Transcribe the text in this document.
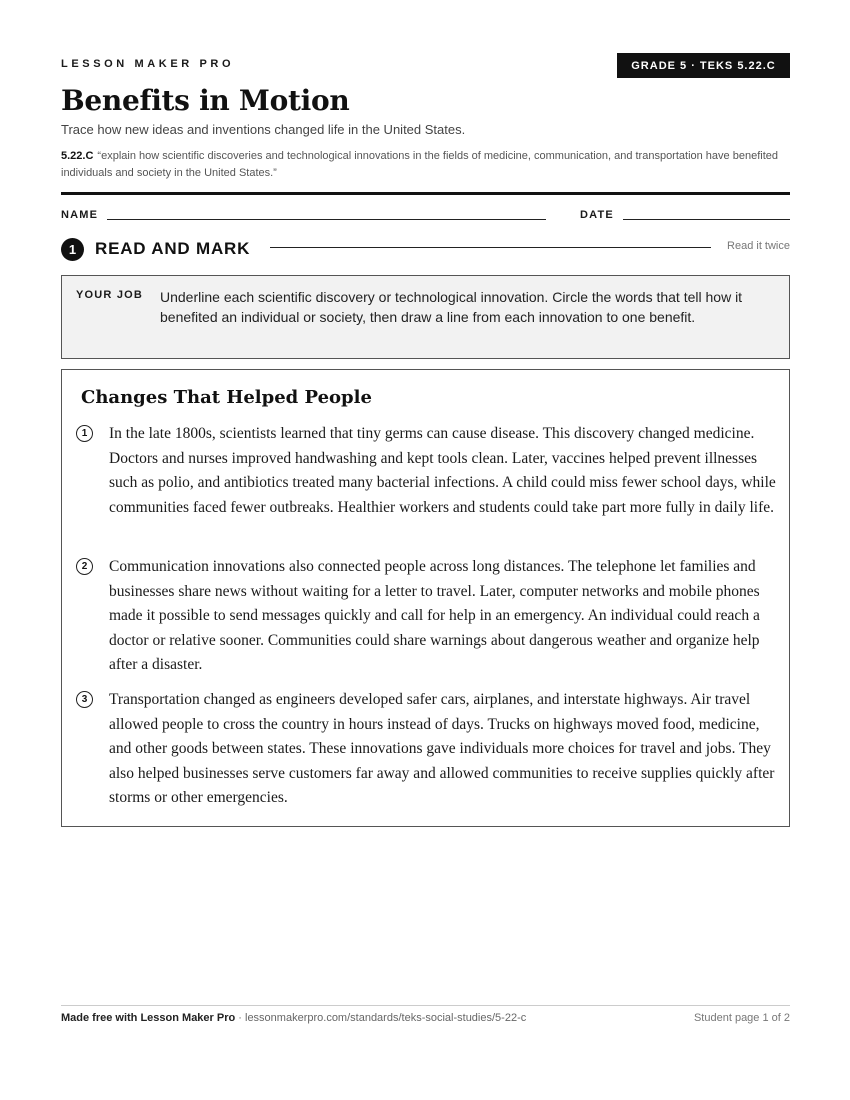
LESSON MAKER PRO	GRADE 5 · TEKS 5.22.C
Benefits in Motion
Trace how new ideas and inventions changed life in the United States.
5.22.C “explain how scientific discoveries and technological innovations in the fields of medicine, communication, and transportation have benefited individuals and society in the United States.”
NAME	DATE
1	READ AND MARK	Read it twice
YOUR JOB Underline each scientific discovery or technological innovation. Circle the words that tell how it benefited an individual or society, then draw a line from each innovation to one benefit.
Changes That Helped People
1	In the late 1800s, scientists learned that tiny germs can cause disease. This discovery changed medicine. Doctors and nurses improved handwashing and kept tools clean. Later, vaccines helped prevent illnesses such as polio, and antibiotics treated many bacterial infections. A child could miss fewer school days, while communities faced fewer outbreaks. Healthier workers and students could take part more fully in daily life.
2	Communication innovations also connected people across long distances. The telephone let families and businesses share news without waiting for a letter to travel. Later, computer networks and mobile phones made it possible to send messages quickly and call for help in an emergency. An individual could reach a doctor or relative sooner. Communities could share warnings about dangerous weather and organize help after a disaster.
3	Transportation changed as engineers developed safer cars, airplanes, and interstate highways. Air travel allowed people to cross the country in hours instead of days. Trucks on highways moved food, medicine, and other goods between states. These innovations gave individuals more choices for travel and jobs. They also helped businesses serve customers far away and allowed communities to receive supplies quickly after storms or other emergencies.
Made free with Lesson Maker Pro · lessonmakerpro.com/standards/teks-social-studies/5-22-c	Student page 1 of 2
